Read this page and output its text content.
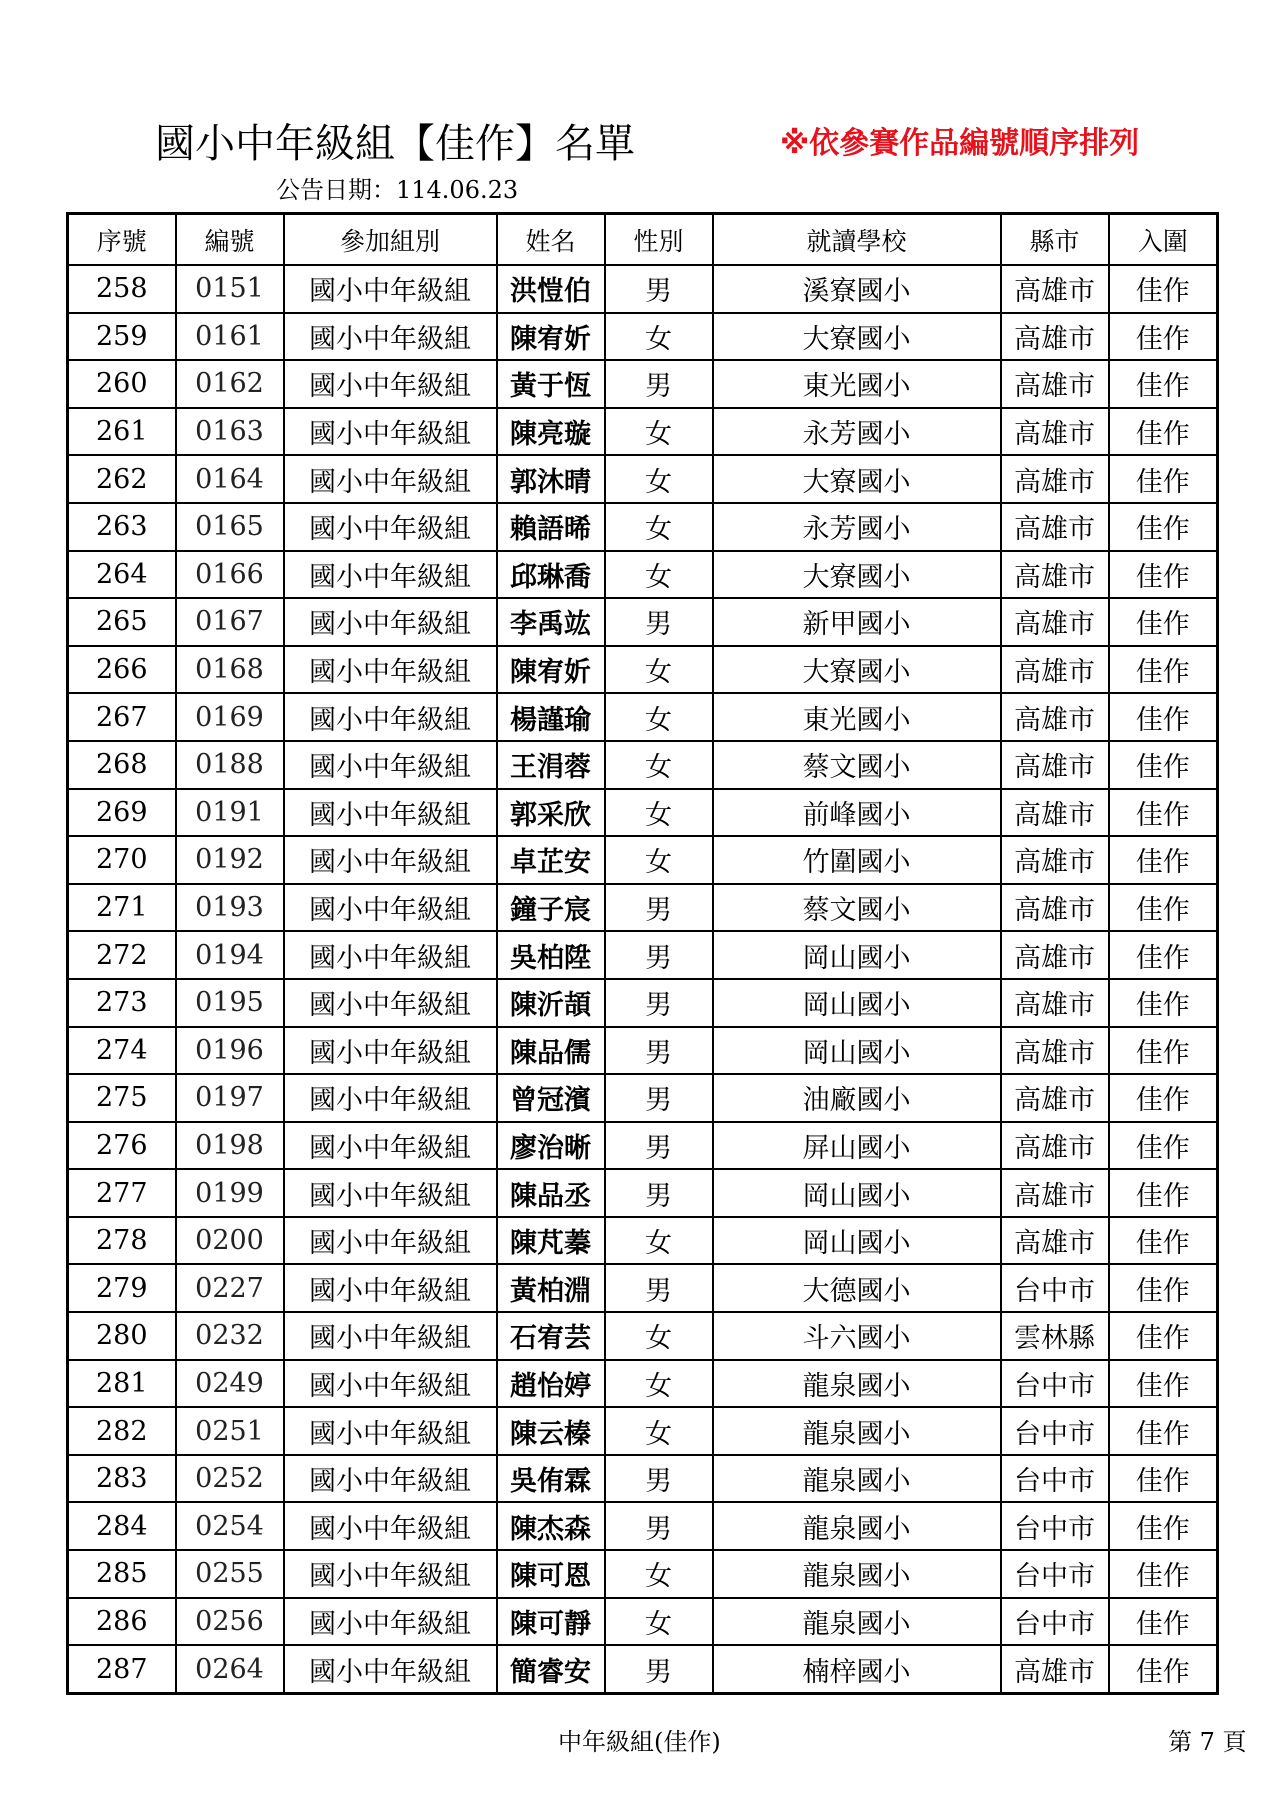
國小中年級組【佳作】名單	※依參賽作品編號順序排列
公告日期：114.06.23
序號	編號	參加組別	姓名	性別	就讀學校	縣市	入圍
258	0151	國小中年級組	洪愷伯	男	溪寮國小	高雄市	佳作
259	0161	國小中年級組	陳宥妡	女	大寮國小	高雄市	佳作
260	0162	國小中年級組	黃于恆	男	東光國小	高雄市	佳作
261	0163	國小中年級組	陳亮璇	女	永芳國小	高雄市	佳作
262	0164	國小中年級組	郭沐晴	女	大寮國小	高雄市	佳作
263	0165	國小中年級組	賴語晞	女	永芳國小	高雄市	佳作
264	0166	國小中年級組	邱琳喬	女	大寮國小	高雄市	佳作
265	0167	國小中年級組	李禹竑	男	新甲國小	高雄市	佳作
266	0168	國小中年級組	陳宥妡	女	大寮國小	高雄市	佳作
267	0169	國小中年級組	楊謹瑜	女	東光國小	高雄市	佳作
268	0188	國小中年級組	王涓蓉	女	蔡文國小	高雄市	佳作
269	0191	國小中年級組	郭采欣	女	前峰國小	高雄市	佳作
270	0192	國小中年級組	卓芷安	女	竹圍國小	高雄市	佳作
271	0193	國小中年級組	鐘子宸	男	蔡文國小	高雄市	佳作
272	0194	國小中年級組	吳柏陞	男	岡山國小	高雄市	佳作
273	0195	國小中年級組	陳沂頡	男	岡山國小	高雄市	佳作
274	0196	國小中年級組	陳品儒	男	岡山國小	高雄市	佳作
275	0197	國小中年級組	曾冠濱	男	油廠國小	高雄市	佳作
276	0198	國小中年級組	廖治晰	男	屏山國小	高雄市	佳作
277	0199	國小中年級組	陳品丞	男	岡山國小	高雄市	佳作
278	0200	國小中年級組	陳芃蓁	女	岡山國小	高雄市	佳作
279	0227	國小中年級組	黃柏淵	男	大德國小	台中市	佳作
280	0232	國小中年級組	石宥芸	女	斗六國小	雲林縣	佳作
281	0249	國小中年級組	趙怡婷	女	龍泉國小	台中市	佳作
282	0251	國小中年級組	陳云榛	女	龍泉國小	台中市	佳作
283	0252	國小中年級組	吳侑霖	男	龍泉國小	台中市	佳作
284	0254	國小中年級組	陳杰森	男	龍泉國小	台中市	佳作
285	0255	國小中年級組	陳可恩	女	龍泉國小	台中市	佳作
286	0256	國小中年級組	陳可靜	女	龍泉國小	台中市	佳作
287	0264	國小中年級組	簡睿安	男	楠梓國小	高雄市	佳作
中年級組(佳作)	第 7 頁
